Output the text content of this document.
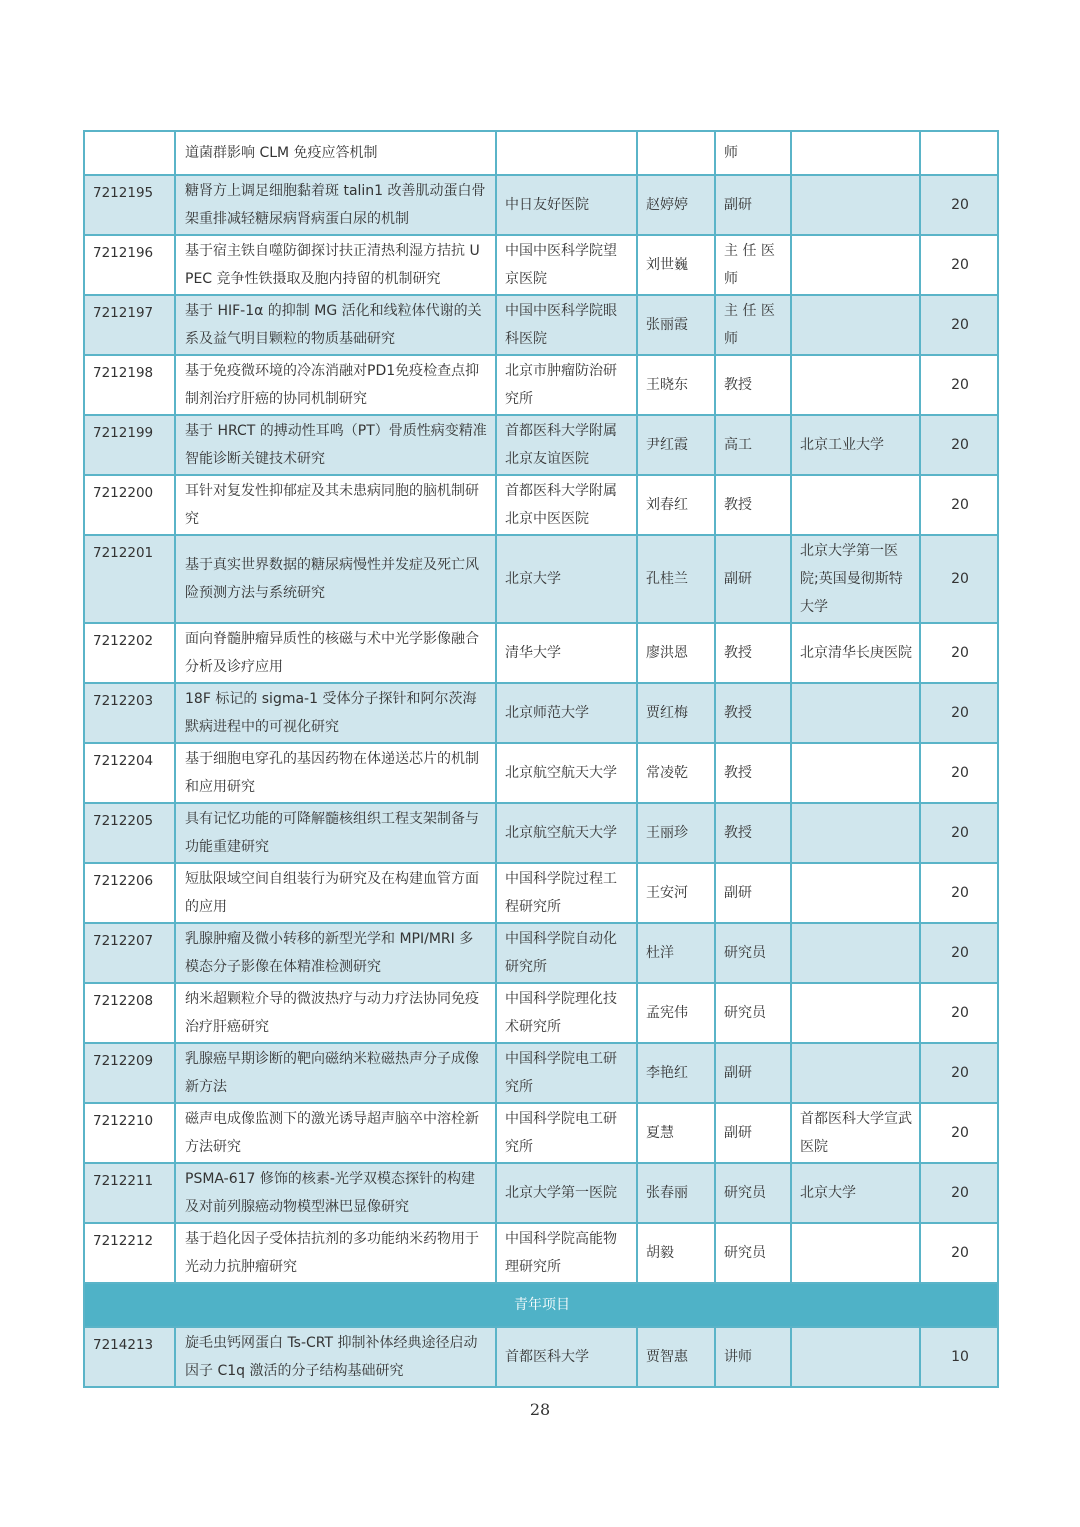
	道菌群影响 CLM 免疫应答机制			师		
7212195	糖肾方上调足细胞黏着斑 talin1 改善肌动蛋白骨架重排减轻糖尿病肾病蛋白尿的机制	中日友好医院	赵婷婷	副研		20
7212196	基于宿主铁自噬防御探讨扶正清热利湿方拮抗 UPEC 竞争性铁摄取及胞内持留的机制研究	中国中医科学院望京医院	刘世巍	主 任 医 师		20
7212197	基于 HIF-1α 的抑制 MG 活化和线粒体代谢的关系及益气明目颗粒的物质基础研究	中国中医科学院眼科医院	张丽霞	主 任 医 师		20
7212198	基于免疫微环境的冷冻消融对PD1免疫检查点抑制剂治疗肝癌的协同机制研究	北京市肿瘤防治研究所	王晓东	教授		20
7212199	基于 HRCT 的搏动性耳鸣（PT）骨质性病变精准智能诊断关键技术研究	首都医科大学附属北京友谊医院	尹红霞	高工	北京工业大学	20
7212200	耳针对复发性抑郁症及其未患病同胞的脑机制研究	首都医科大学附属北京中医医院	刘春红	教授		20
7212201	基于真实世界数据的糖尿病慢性并发症及死亡风险预测方法与系统研究	北京大学	孔桂兰	副研	北京大学第一医院;英国曼彻斯特大学	20
7212202	面向脊髓肿瘤异质性的核磁与术中光学影像融合分析及诊疗应用	清华大学	廖洪恩	教授	北京清华长庚医院	20
7212203	18F 标记的 sigma-1 受体分子探针和阿尔茨海默病进程中的可视化研究	北京师范大学	贾红梅	教授		20
7212204	基于细胞电穿孔的基因药物在体递送芯片的机制和应用研究	北京航空航天大学	常凌乾	教授		20
7212205	具有记忆功能的可降解髓核组织工程支架制备与功能重建研究	北京航空航天大学	王丽珍	教授		20
7212206	短肽限域空间自组装行为研究及在构建血管方面的应用	中国科学院过程工程研究所	王安河	副研		20
7212207	乳腺肿瘤及微小转移的新型光学和 MPI/MRI 多模态分子影像在体精准检测研究	中国科学院自动化研究所	杜洋	研究员		20
7212208	纳米超颗粒介导的微波热疗与动力疗法协同免疫治疗肝癌研究	中国科学院理化技术研究所	孟宪伟	研究员		20
7212209	乳腺癌早期诊断的靶向磁纳米粒磁热声分子成像新方法	中国科学院电工研究所	李艳红	副研		20
7212210	磁声电成像监测下的激光诱导超声脑卒中溶栓新方法研究	中国科学院电工研究所	夏慧	副研	首都医科大学宣武医院	20
7212211	PSMA-617 修饰的核素-光学双模态探针的构建及对前列腺癌动物模型淋巴显像研究	北京大学第一医院	张春丽	研究员	北京大学	20
7212212	基于趋化因子受体拮抗剂的多功能纳米药物用于光动力抗肿瘤研究	中国科学院高能物理研究所	胡毅	研究员		20
青年项目						
7214213	旋毛虫钙网蛋白 Ts-CRT 抑制补体经典途径启动因子 C1q 激活的分子结构基础研究	首都医科大学	贾智惠	讲师		10
28
